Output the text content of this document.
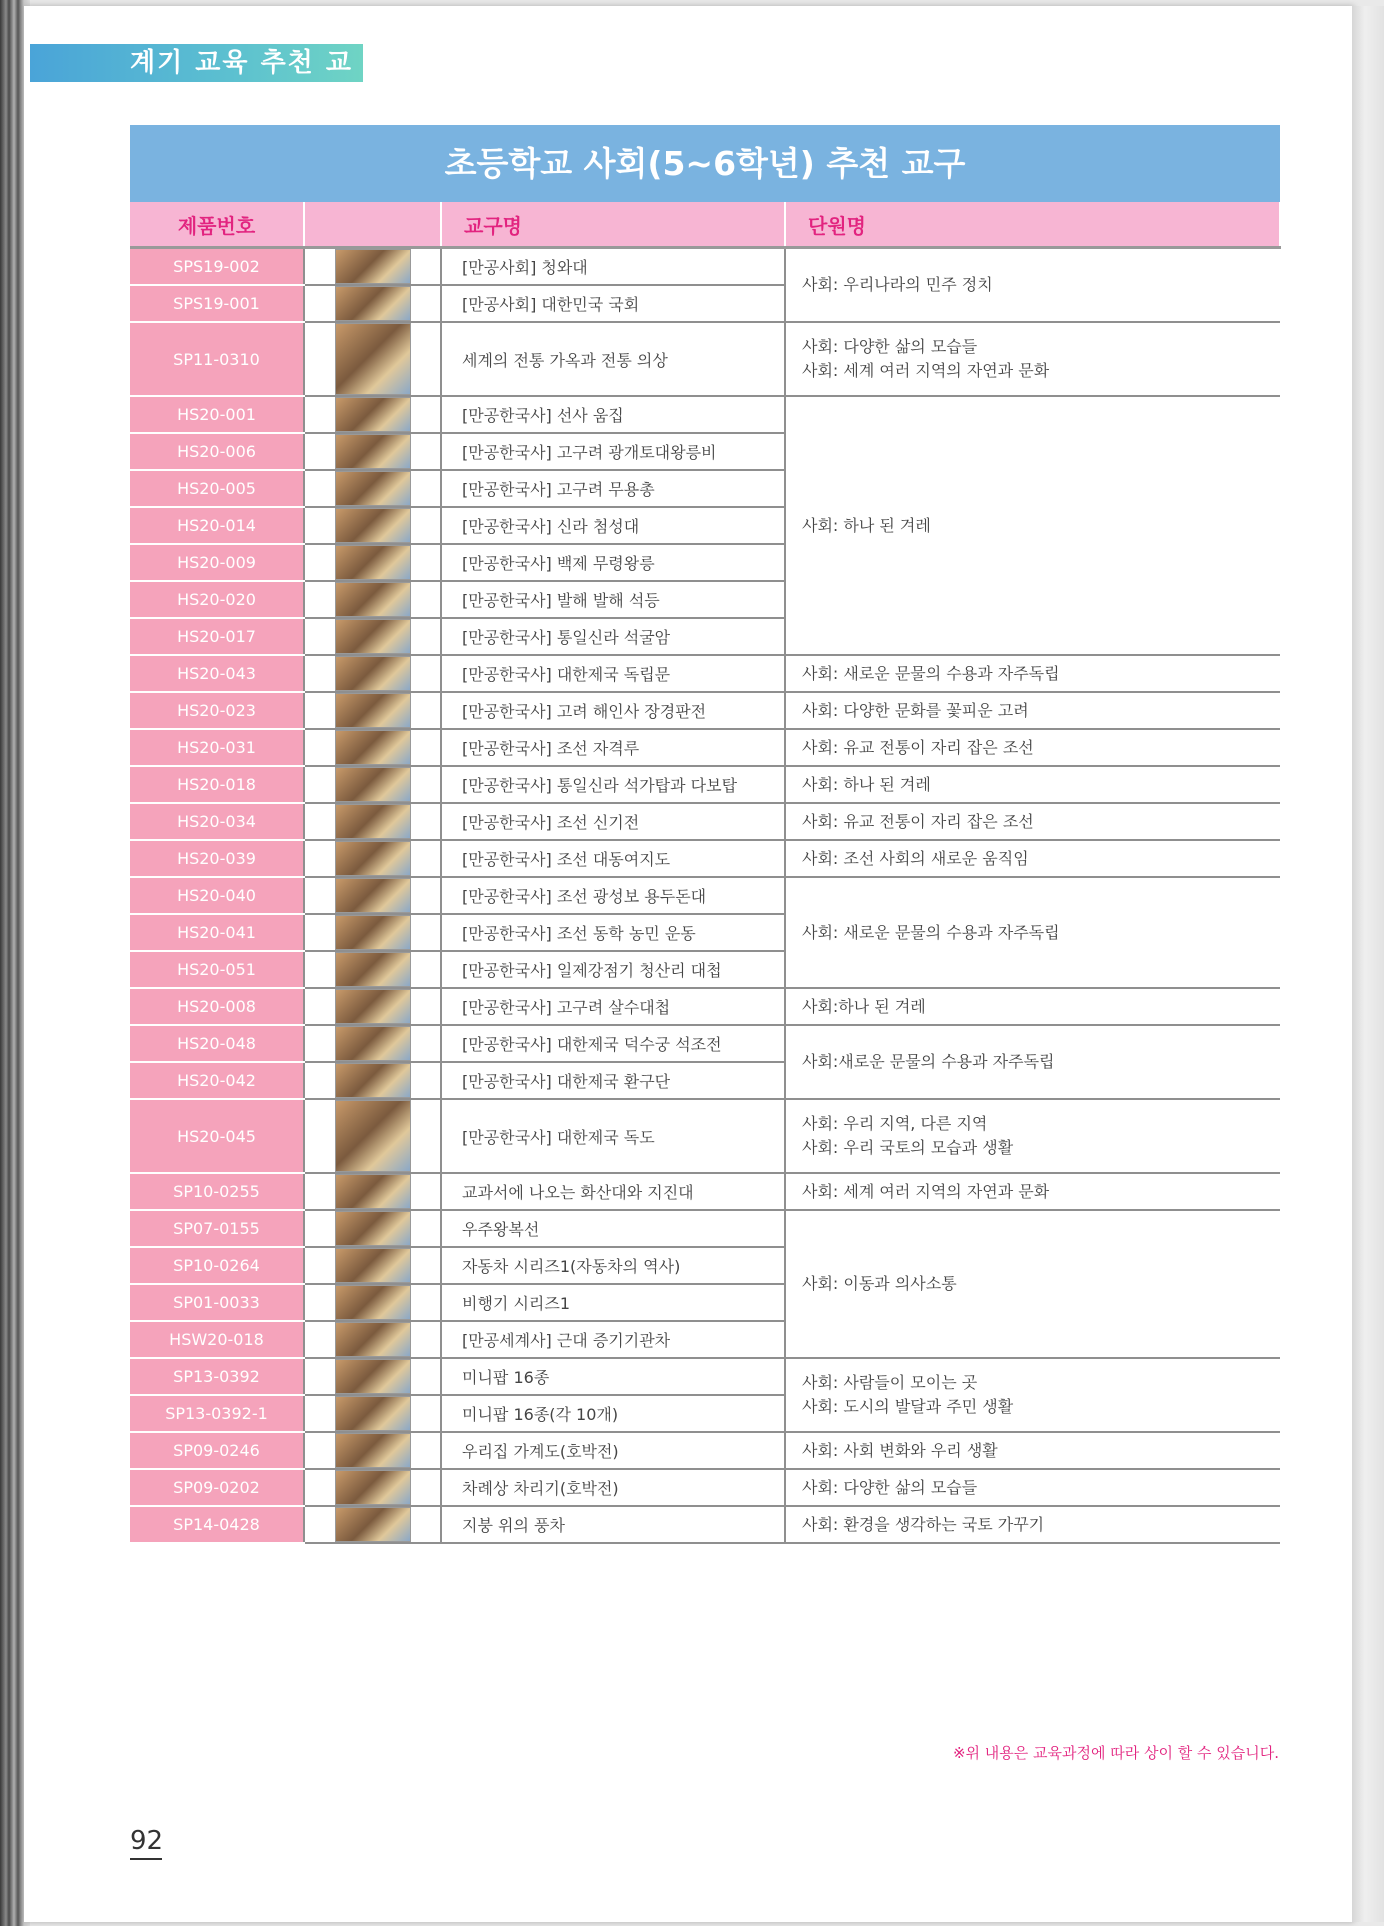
계기 교육 추천 교구
초등학교 사회(5~6학년) 추천 교구
제품번호		교구명	단원명
SPS19-002		[만공사회] 청와대	사회: 우리나라의 민주 정치

SPS19-001		[만공사회] 대한민국 국회	
SP11-0310		세계의 전통 가옥과 전통 의상	사회: 다양한 삶의 모습들
사회: 세계 여러 지역의 자연과 문화

HS20-001		[만공한국사] 선사 움집	사회: 하나 된 겨레

HS20-006		[만공한국사] 고구려 광개토대왕릉비	
HS20-005		[만공한국사] 고구려 무용총	
HS20-014		[만공한국사] 신라 첨성대	
HS20-009		[만공한국사] 백제 무령왕릉	
HS20-020		[만공한국사] 발해 발해 석등	
HS20-017		[만공한국사] 통일신라 석굴암	
HS20-043		[만공한국사] 대한제국 독립문	사회: 새로운 문물의 수용과 자주독립

HS20-023		[만공한국사] 고려 해인사 장경판전	사회: 다양한 문화를 꽃피운 고려

HS20-031		[만공한국사] 조선 자격루	사회: 유교 전통이 자리 잡은 조선

HS20-018		[만공한국사] 통일신라 석가탑과 다보탑	사회: 하나 된 겨레

HS20-034		[만공한국사] 조선 신기전	사회: 유교 전통이 자리 잡은 조선

HS20-039		[만공한국사] 조선 대동여지도	사회: 조선 사회의 새로운 움직임

HS20-040		[만공한국사] 조선 광성보 용두돈대	사회: 새로운 문물의 수용과 자주독립

HS20-041		[만공한국사] 조선 동학 농민 운동	
HS20-051		[만공한국사] 일제강점기 청산리 대첩	
HS20-008		[만공한국사] 고구려 살수대첩	사회:하나 된 겨레

HS20-048		[만공한국사] 대한제국 덕수궁 석조전	사회:새로운 문물의 수용과 자주독립

HS20-042		[만공한국사] 대한제국 환구단	
HS20-045		[만공한국사] 대한제국 독도	사회: 우리 지역, 다른 지역
사회: 우리 국토의 모습과 생활

SP10-0255		교과서에 나오는 화산대와 지진대	사회: 세계 여러 지역의 자연과 문화

SP07-0155		우주왕복선	사회: 이동과 의사소통

SP10-0264		자동차 시리즈1(자동차의 역사)	
SP01-0033		비행기 시리즈1	
HSW20-018		[만공세계사] 근대 증기기관차	
SP13-0392		미니팝 16종	사회: 사람들이 모이는 곳
사회: 도시의 발달과 주민 생활

SP13-0392-1		미니팝 16종(각 10개)	
SP09-0246		우리집 가계도(호박전)	사회: 사회 변화와 우리 생활

SP09-0202		차례상 차리기(호박전)	사회: 다양한 삶의 모습들

SP14-0428		지붕 위의 풍차	사회: 환경을 생각하는 국토 가꾸기
※위 내용은 교육과정에 따라 상이 할 수 있습니다.
92
